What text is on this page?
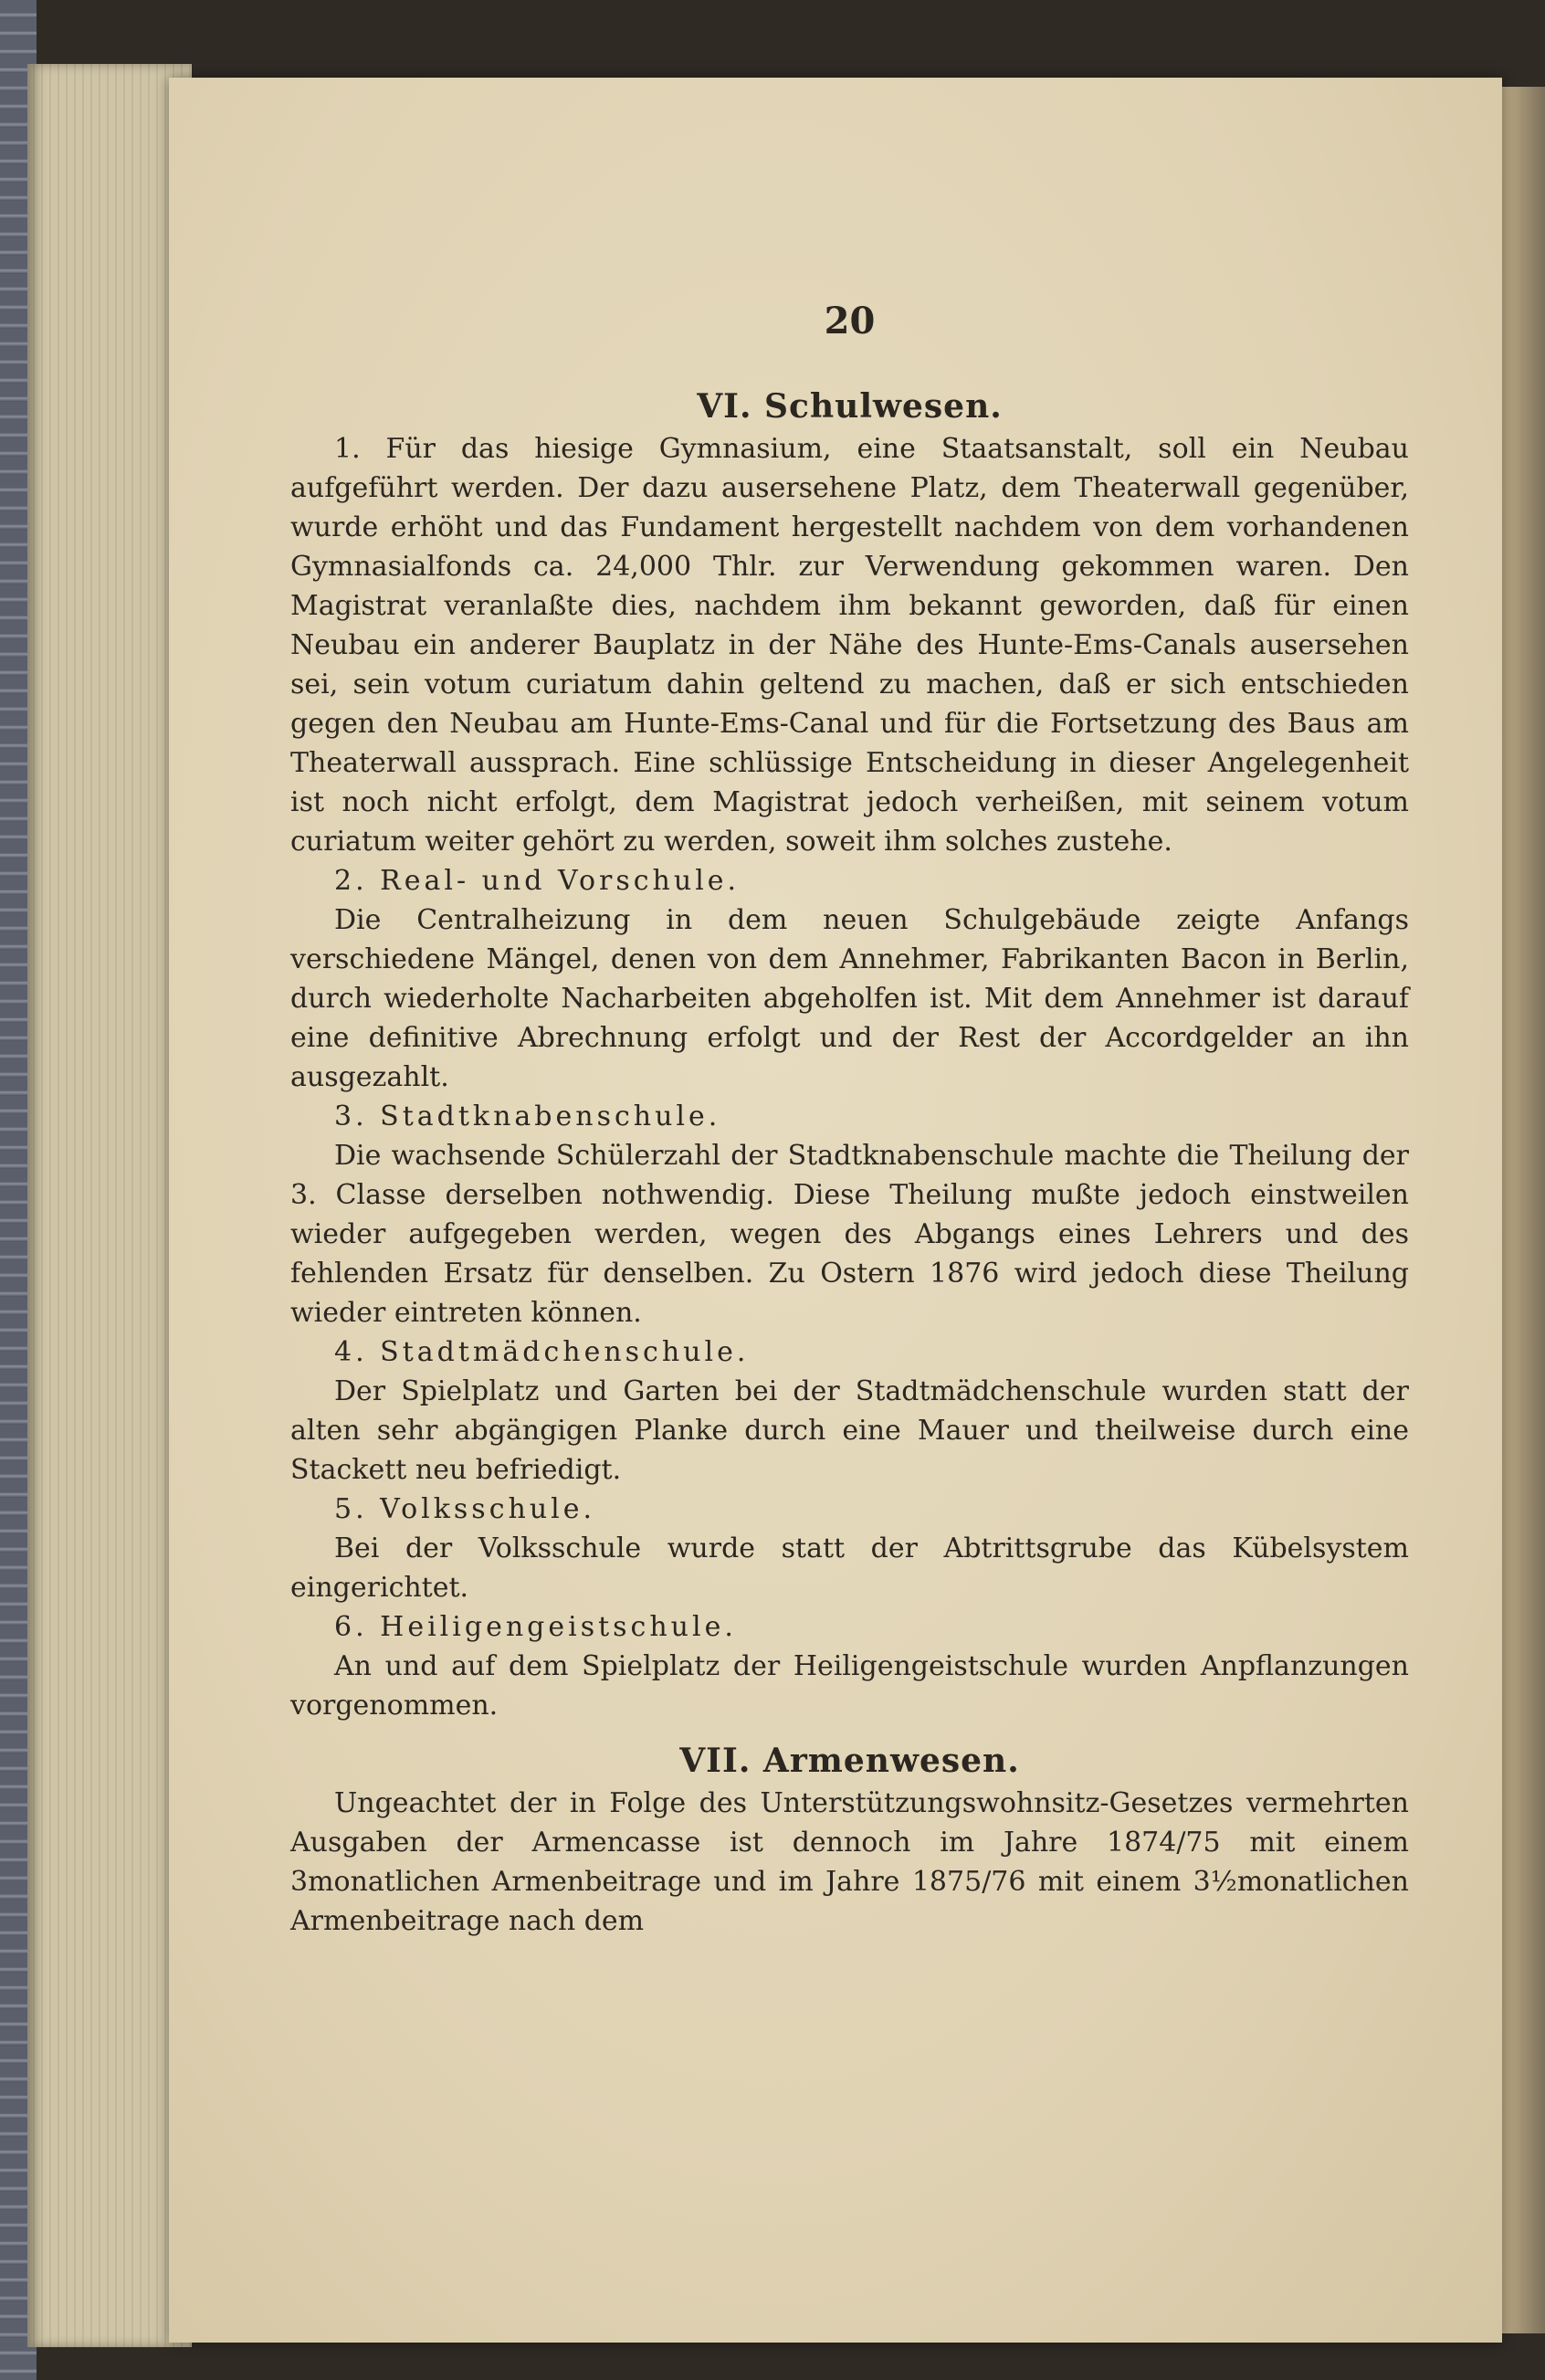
20
VI. Schulwesen.

1. Für das hiesige Gymnasium, eine Staatsanstalt, soll ein Neubau aufgeführt werden. Der dazu ausersehene Platz, dem Theaterwall gegenüber, wurde erhöht und das Fundament hergestellt nachdem von dem vorhandenen Gymnasialfonds ca. 24,000 Thlr. zur Verwendung gekommen waren. Den Magistrat veranlaßte dies, nachdem ihm bekannt geworden, daß für einen Neubau ein anderer Bauplatz in der Nähe des Hunte-Ems-Canals ausersehen sei, sein votum curiatum dahin geltend zu machen, daß er sich entschieden gegen den Neubau am Hunte-Ems-Canal und für die Fortsetzung des Baus am Theaterwall aussprach. Eine schlüssige Entscheidung in dieser Angelegenheit ist noch nicht erfolgt, dem Magistrat jedoch verheißen, mit seinem votum curiatum weiter gehört zu werden, soweit ihm solches zustehe.

2. Real- und Vorschule.

Die Centralheizung in dem neuen Schulgebäude zeigte Anfangs verschiedene Mängel, denen von dem Annehmer, Fabrikanten Bacon in Berlin, durch wiederholte Nacharbeiten abgeholfen ist. Mit dem Annehmer ist darauf eine definitive Abrechnung erfolgt und der Rest der Accordgelder an ihn ausgezahlt.

3. Stadtknabenschule.

Die wachsende Schülerzahl der Stadtknabenschule machte die Theilung der 3. Classe derselben nothwendig. Diese Theilung mußte jedoch einstweilen wieder aufgegeben werden, wegen des Abgangs eines Lehrers und des fehlenden Ersatz für denselben. Zu Ostern 1876 wird jedoch diese Theilung wieder eintreten können.

4. Stadtmädchenschule.

Der Spielplatz und Garten bei der Stadtmädchenschule wurden statt der alten sehr abgängigen Planke durch eine Mauer und theilweise durch eine Stackett neu befriedigt.

5. Volksschule.

Bei der Volksschule wurde statt der Abtrittsgrube das Kübelsystem eingerichtet.

6. Heiligengeistschule.

An und auf dem Spielplatz der Heiligengeistschule wurden Anpflanzungen vorgenommen.

VII. Armenwesen.

Ungeachtet der in Folge des Unterstützungswohnsitz-Gesetzes vermehrten Ausgaben der Armencasse ist dennoch im Jahre 1874/75 mit einem 3monatlichen Armenbeitrage und im Jahre 1875/76 mit einem 3½monatlichen Armenbeitrage nach dem
